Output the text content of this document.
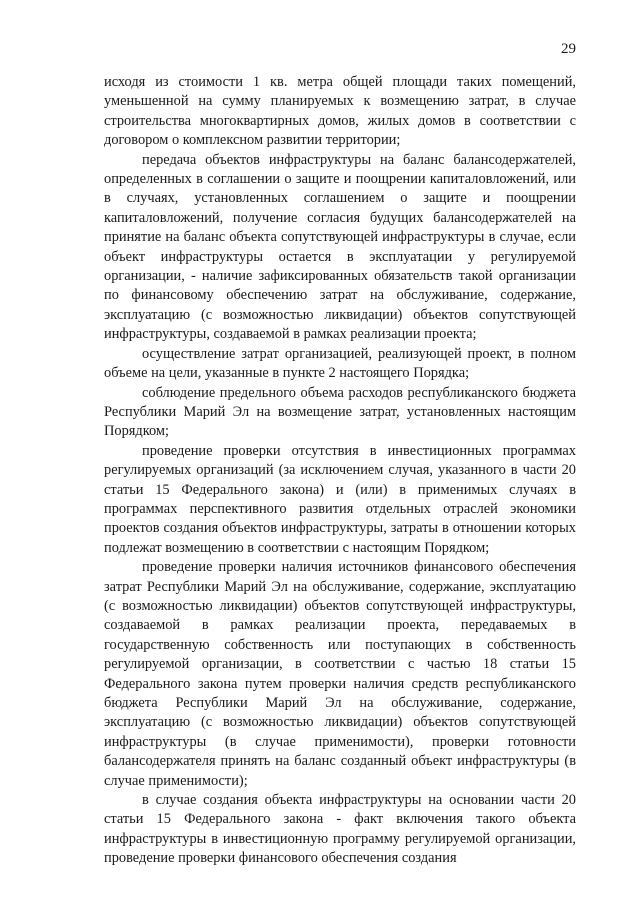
29

исходя из стоимости 1 кв. метра общей площади таких помещений, уменьшенной на сумму планируемых к возмещению затрат, в случае строительства многоквартирных домов, жилых домов в соответствии с договором о комплексном развитии территории;

передача объектов инфраструктуры на баланс балансодержателей, определенных в соглашении о защите и поощрении капиталовложений, или в случаях, установленных соглашением о защите и поощрении капиталовложений, получение согласия будущих балансодержателей на принятие на баланс объекта сопутствующей инфраструктуры в случае, если объект инфраструктуры остается в эксплуатации у регулируемой организации, - наличие зафиксированных обязательств такой организации по финансовому обеспечению затрат на обслуживание, содержание, эксплуатацию (с возможностью ликвидации) объектов сопутствующей инфраструктуры, создаваемой в рамках реализации проекта;

осуществление затрат организацией, реализующей проект, в полном объеме на цели, указанные в пункте 2 настоящего Порядка;

соблюдение предельного объема расходов республиканского бюджета Республики Марий Эл на возмещение затрат, установленных настоящим Порядком;

проведение проверки отсутствия в инвестиционных программах регулируемых организаций (за исключением случая, указанного в части 20 статьи 15 Федерального закона) и (или) в применимых случаях в программах перспективного развития отдельных отраслей экономики проектов создания объектов инфраструктуры, затраты в отношении которых подлежат возмещению в соответствии с настоящим Порядком;

проведение проверки наличия источников финансового обеспечения затрат Республики Марий Эл на обслуживание, содержание, эксплуатацию (с возможностью ликвидации) объектов сопутствующей инфраструктуры, создаваемой в рамках реализации проекта, передаваемых в государственную собственность или поступающих в собственность регулируемой организации, в соответствии с частью 18 статьи 15 Федерального закона путем проверки наличия средств республиканского бюджета Республики Марий Эл на обслуживание, содержание, эксплуатацию (с возможностью ликвидации) объектов сопутствующей инфраструктуры (в случае применимости), проверки готовности балансодержателя принять на баланс созданный объект инфраструктуры (в случае применимости);

в случае создания объекта инфраструктуры на основании части 20 статьи 15 Федерального закона - факт включения такого объекта инфраструктуры в инвестиционную программу регулируемой организации, проведение проверки финансового обеспечения создания
